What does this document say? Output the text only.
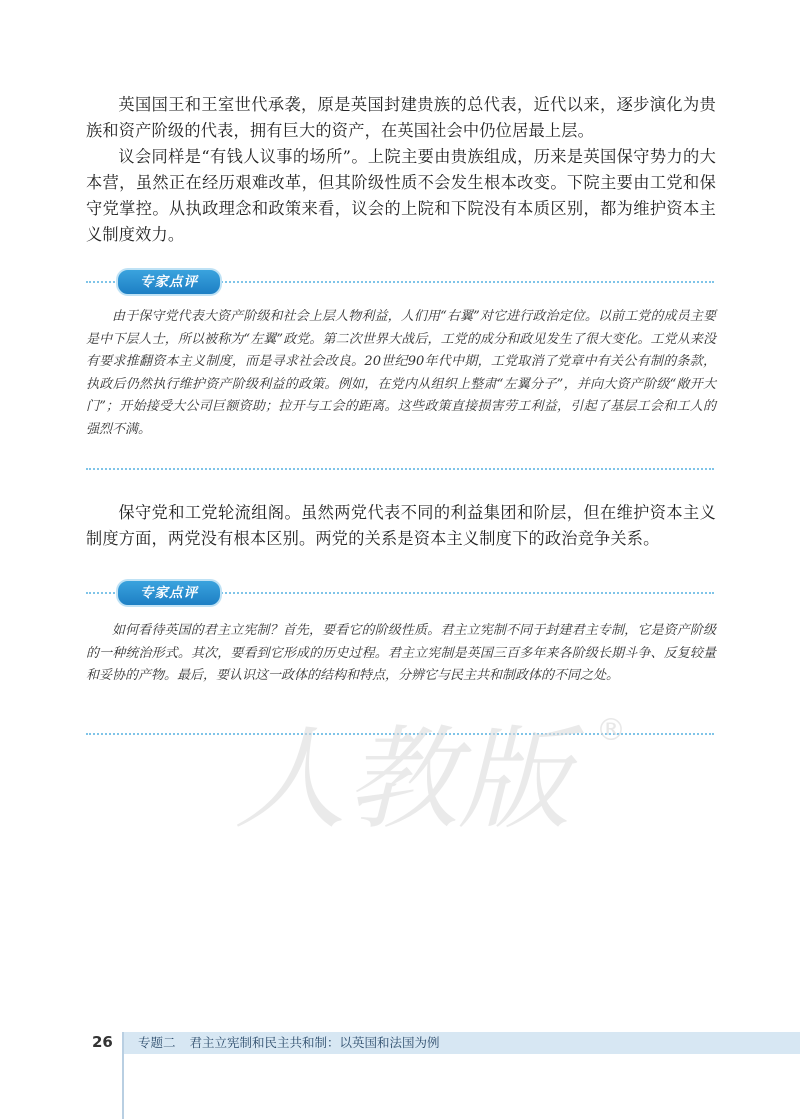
英国国王和王室世代承袭，原是英国封建贵族的总代表，近代以来，逐步演化为贵族和资产阶级的代表，拥有巨大的资产，在英国社会中仍位居最上层。

议会同样是“有钱人议事的场所”。上院主要由贵族组成，历来是英国保守势力的大本营，虽然正在经历艰难改革，但其阶级性质不会发生根本改变。下院主要由工党和保守党掌控。从执政理念和政策来看，议会的上院和下院没有本质区别，都为维护资本主义制度效力。

专家点评

由于保守党代表大资产阶级和社会上层人物利益，人们用“右翼”对它进行政治定位。以前工党的成员主要是中下层人士，所以被称为“左翼”政党。第二次世界大战后，工党的成分和政见发生了很大变化。工党从来没有要求推翻资本主义制度，而是寻求社会改良。20世纪90年代中期，工党取消了党章中有关公有制的条款，执政后仍然执行维护资产阶级利益的政策。例如，在党内从组织上整肃“左翼分子”，并向大资产阶级“敞开大门”；开始接受大公司巨额资助；拉开与工会的距离。这些政策直接损害劳工利益，引起了基层工会和工人的强烈不满。

保守党和工党轮流组阁。虽然两党代表不同的利益集团和阶层，但在维护资本主义制度方面，两党没有根本区别。两党的关系是资本主义制度下的政治竞争关系。

专家点评

如何看待英国的君主立宪制？首先，要看它的阶级性质。君主立宪制不同于封建君主专制，它是资产阶级的一种统治形式。其次，要看到它形成的历史过程。君主立宪制是英国三百多年来各阶级长期斗争、反复较量和妥协的产物。最后，要认识这一政体的结构和特点，分辨它与民主共和制政体的不同之处。

人教版 ®
26 专题二 君主立宪制和民主共和制：以英国和法国为例
